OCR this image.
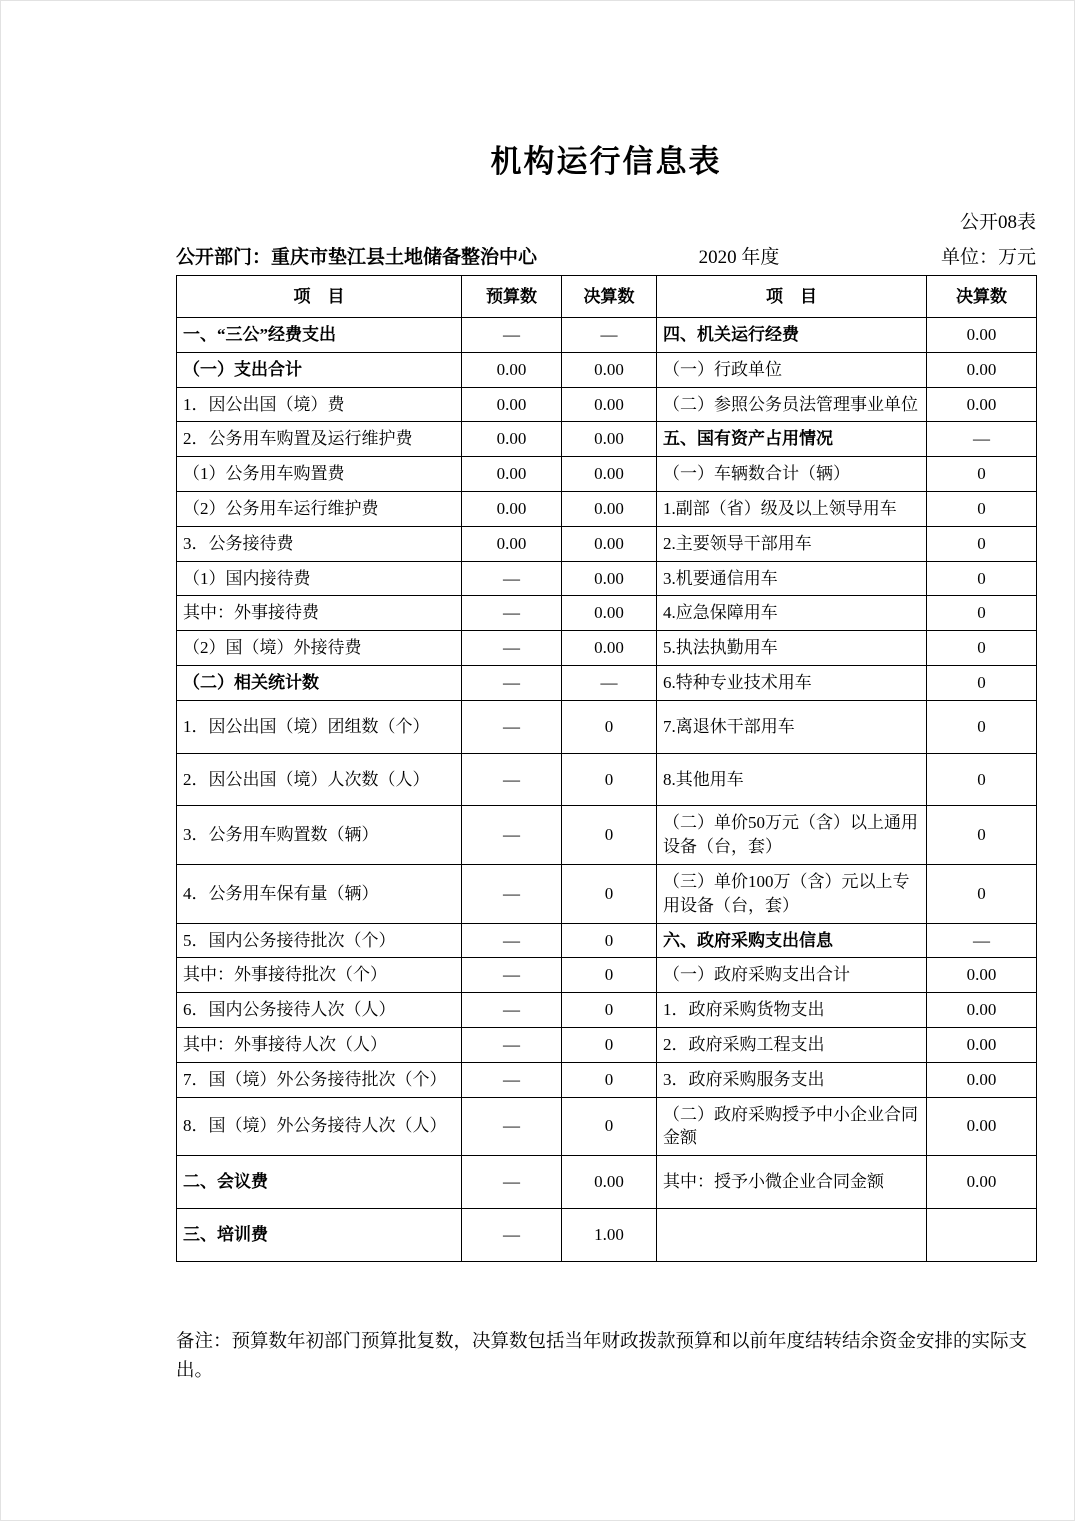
机构运行信息表
公开08表
公开部门：重庆市垫江县土地储备整治中心	2020 年度	单位：万元
项　目	预算数	决算数	项　目	决算数
一、“三公”经费支出	—	—	四、机关运行经费	0.00
（一）支出合计	0.00	0.00	（一）行政单位	0.00
1．因公出国（境）费	0.00	0.00	（二）参照公务员法管理事业单位	0.00
2．公务用车购置及运行维护费	0.00	0.00	五、国有资产占用情况	—
（1）公务用车购置费	0.00	0.00	（一）车辆数合计（辆）	0
（2）公务用车运行维护费	0.00	0.00	1.副部（省）级及以上领导用车	0
3．公务接待费	0.00	0.00	2.主要领导干部用车	0
（1）国内接待费	—	0.00	3.机要通信用车	0
其中：外事接待费	—	0.00	4.应急保障用车	0
（2）国（境）外接待费	—	0.00	5.执法执勤用车	0
（二）相关统计数	—	—	6.特种专业技术用车	0
1．因公出国（境）团组数（个）	—	0	7.离退休干部用车	0
2．因公出国（境）人次数（人）	—	0	8.其他用车	0
3．公务用车购置数（辆）	—	0	（二）单价50万元（含）以上通用设备（台，套）	0
4．公务用车保有量（辆）	—	0	（三）单价100万（含）元以上专用设备（台，套）	0
5．国内公务接待批次（个）	—	0	六、政府采购支出信息	—
其中：外事接待批次（个）	—	0	（一）政府采购支出合计	0.00
6．国内公务接待人次（人）	—	0	1．政府采购货物支出	0.00
其中：外事接待人次（人）	—	0	2．政府采购工程支出	0.00
7．国（境）外公务接待批次（个）	—	0	3．政府采购服务支出	0.00
8．国（境）外公务接待人次（人）	—	0	（二）政府采购授予中小企业合同金额	0.00
二、会议费	—	0.00	其中：授予小微企业合同金额	0.00
三、培训费	—	1.00		

备注：预算数年初部门预算批复数，决算数包括当年财政拨款预算和以前年度结转结余资金安排的实际支出。
